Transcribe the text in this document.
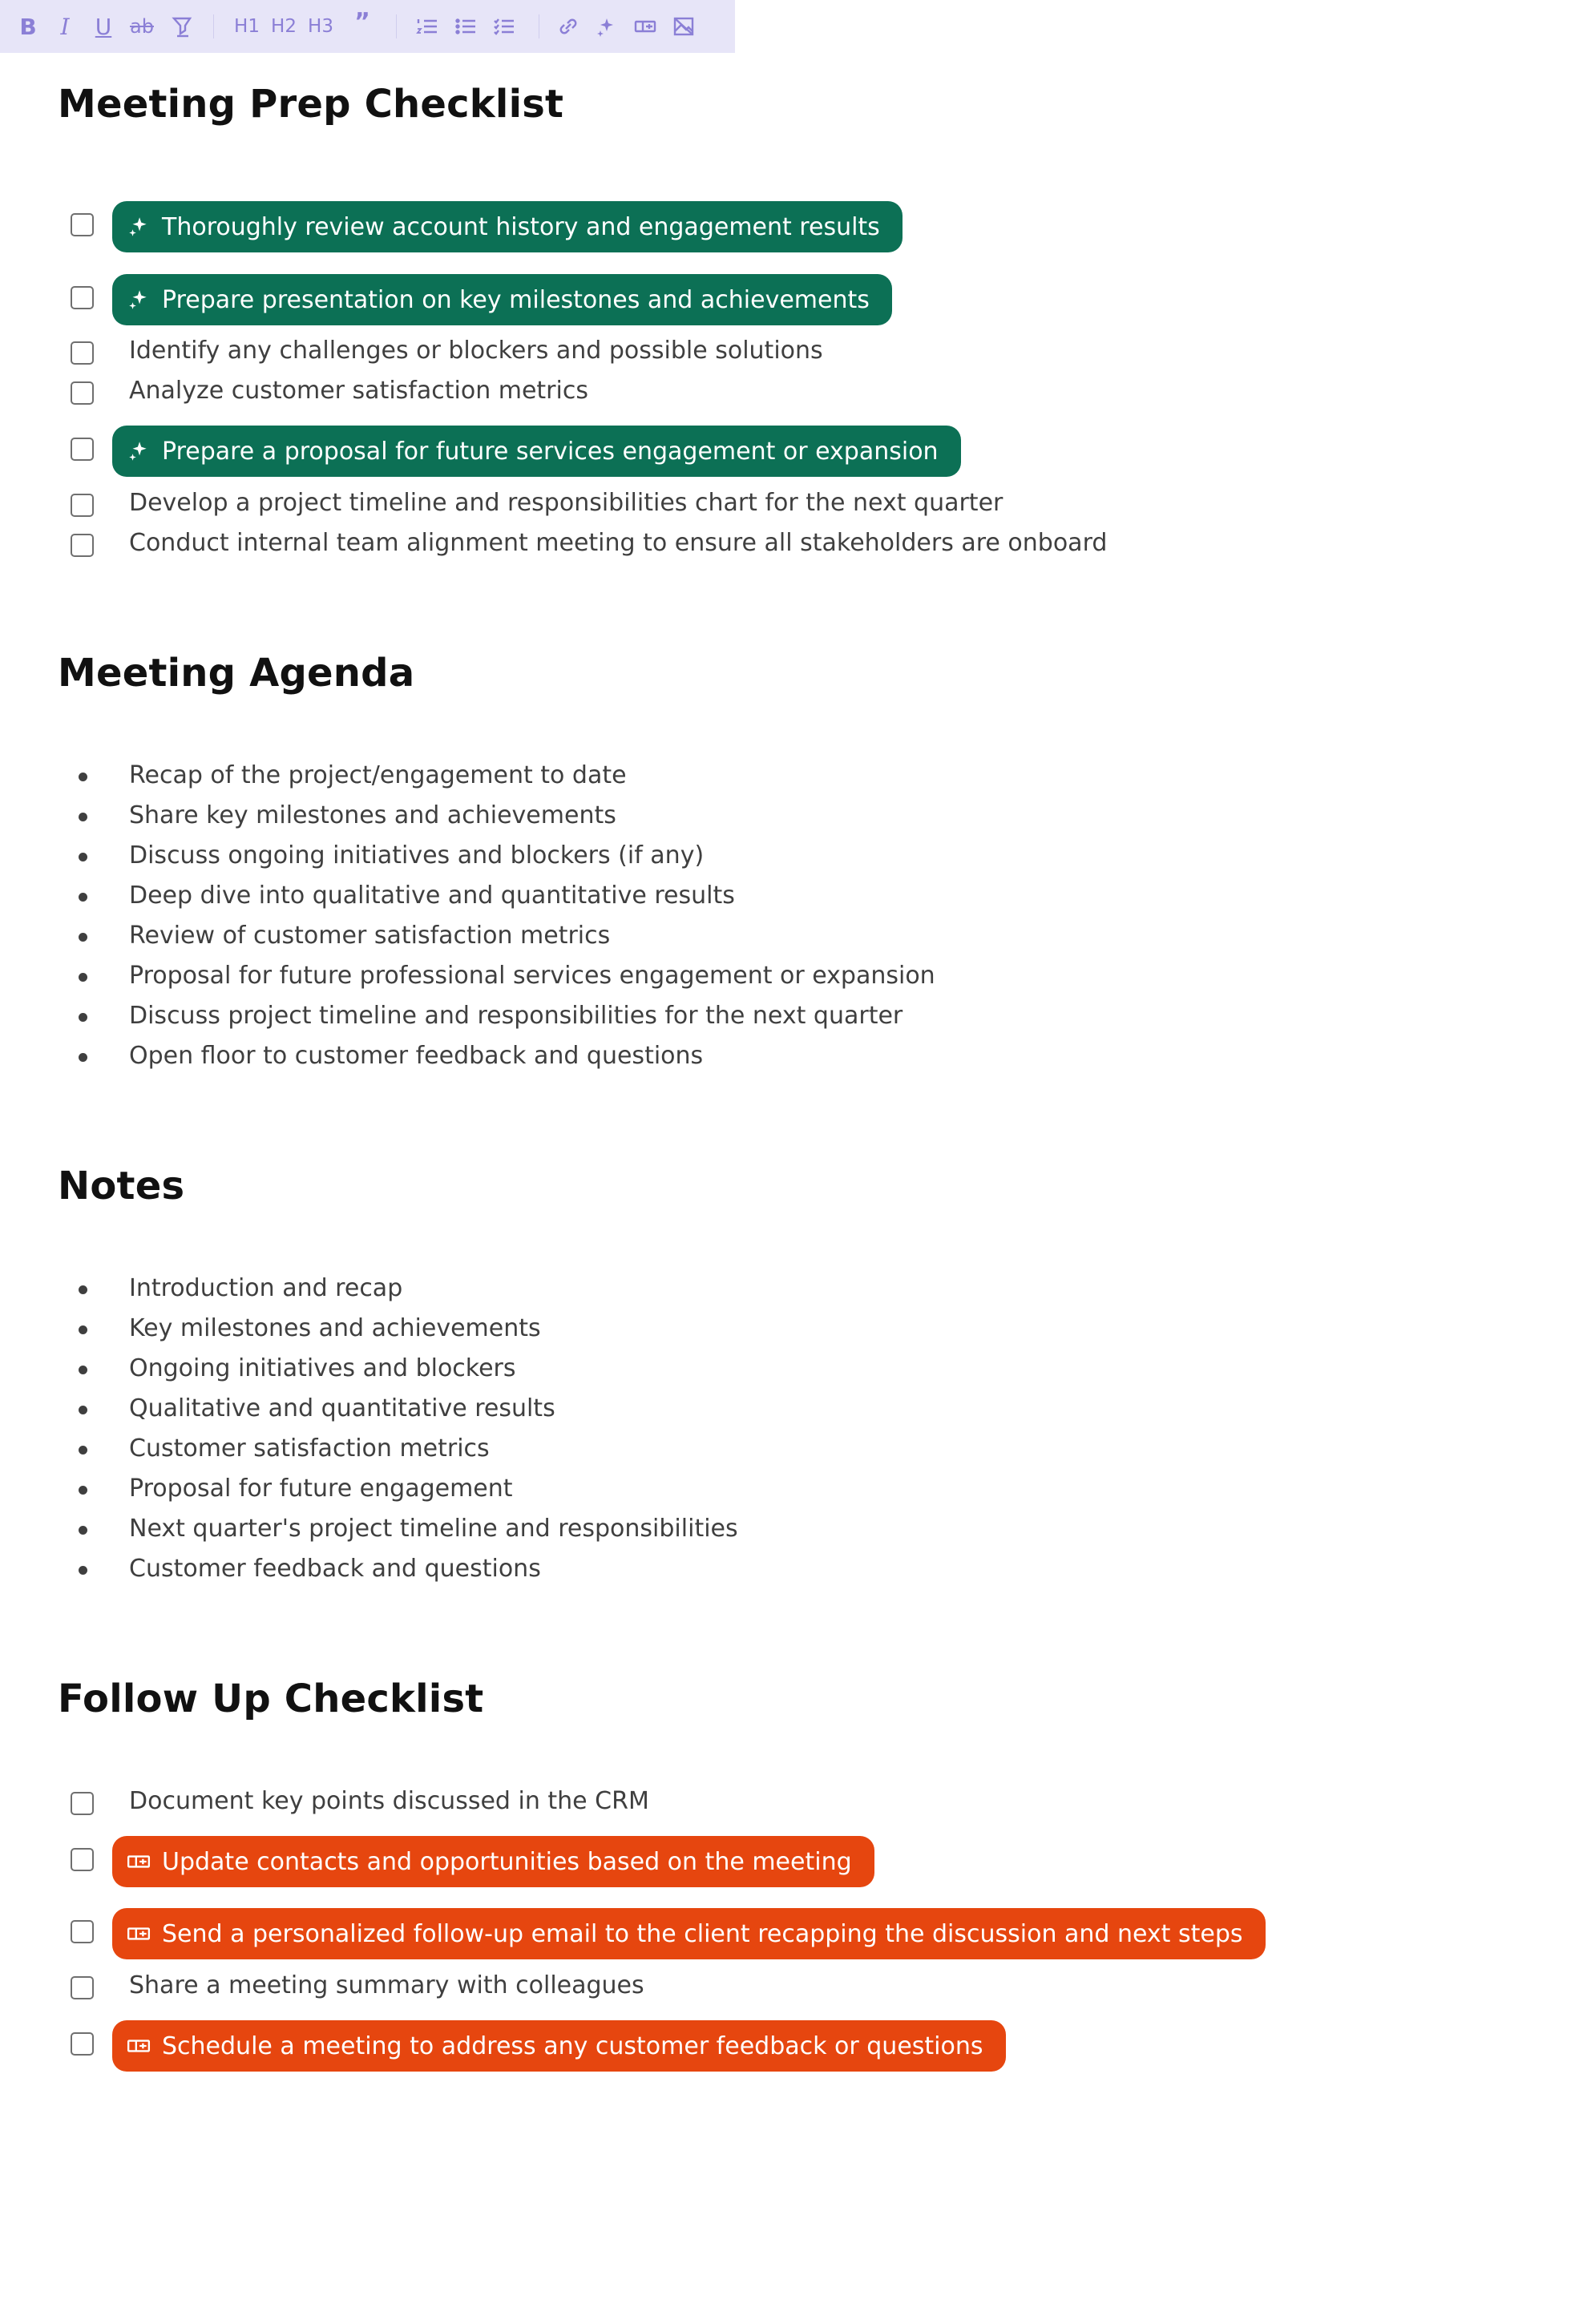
B	I	U ab	H1 H2 H3 ”
Meeting Prep Checklist
Thoroughly review account history and engagement results
Prepare presentation on key milestones and achievements
Identify any challenges or blockers and possible solutions
Analyze customer satisfaction metrics
Prepare a proposal for future services engagement or expansion
Develop a project timeline and responsibilities chart for the next quarter
Conduct internal team alignment meeting to ensure all stakeholders are onboard
Meeting Agenda
Recap of the project/engagement to date
Share key milestones and achievements
Discuss ongoing initiatives and blockers (if any)
Deep dive into qualitative and quantitative results
Review of customer satisfaction metrics
Proposal for future professional services engagement or expansion
Discuss project timeline and responsibilities for the next quarter
Open floor to customer feedback and questions
Notes
Introduction and recap
Key milestones and achievements
Ongoing initiatives and blockers
Qualitative and quantitative results
Customer satisfaction metrics
Proposal for future engagement
Next quarter's project timeline and responsibilities
Customer feedback and questions
Follow Up Checklist
Document key points discussed in the CRM
Update contacts and opportunities based on the meeting
Send a personalized follow-up email to the client recapping the discussion and next steps
Share a meeting summary with colleagues
Schedule a meeting to address any customer feedback or questions
